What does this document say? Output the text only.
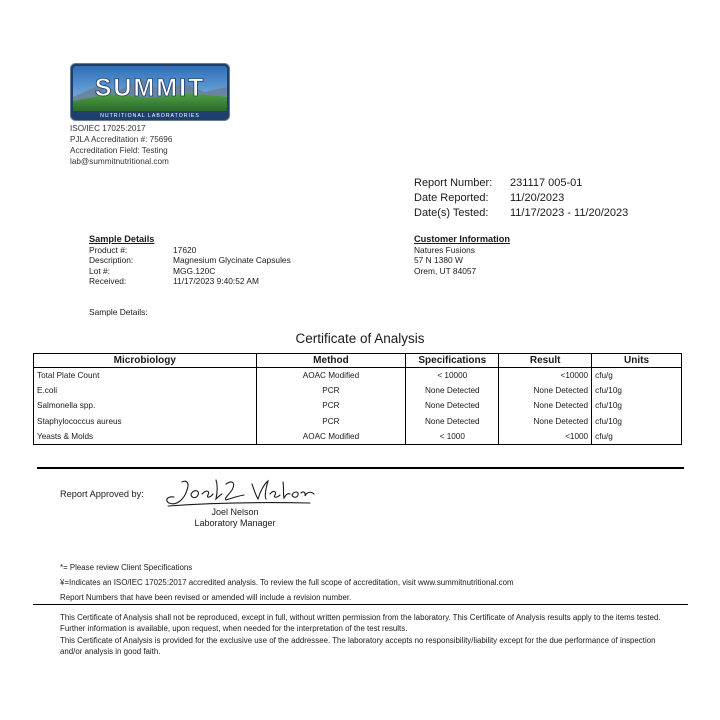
SUMMIT
NUTRITIONAL LABORATORIES
ISO/IEC 17025:2017
PJLA Accreditation #: 75696
Accreditation Field: Testing
lab@summitnutritional.com
Report Number:	231117 005-01
Date Reported:	11/20/2023
Date(s) Tested:	11/17/2023 - 11/20/2023
Sample Details
Product #:	17620
Description:	Magnesium Glycinate Capsules
Lot #:	MGG.120C
Received:	11/17/2023 9:40:52 AM
Customer Information
Natures Fusions
57 N 1380 W
Orem, UT 84057
Sample Details:
Certificate of Analysis
Microbiology	Method	Specifications	Result	Units
Total Plate Count	AOAC Modified	< 10000	<10000	cfu/g
E.coli	PCR	None Detected	None Detected	cfu/10g
Salmonella spp.	PCR	None Detected	None Detected	cfu/10g
Staphylococcus aureus	PCR	None Detected	None Detected	cfu/10g
Yeasts & Molds	AOAC Modified	< 1000	<1000	cfu/g
Report Approved by:
Joel Nelson
Laboratory Manager
*= Please review Client Specifications
¥=Indicates an ISO/IEC 17025:2017 accredited analysis. To review the full scope of accreditation, visit www.summitnutritional.com
Report Numbers that have been revised or amended will include a revision number.

This Certificate of Analysis shall not be reproduced, except in full, without written permission from the laboratory. This Certificate of Analysis results apply to the items tested. Further information is available, upon request, when needed for the interpretation of the test results.

This Certificate of Analysis is provided for the exclusive use of the addressee. The laboratory accepts no responsibility/liability except for the due performance of inspection and/or analysis in good faith.
